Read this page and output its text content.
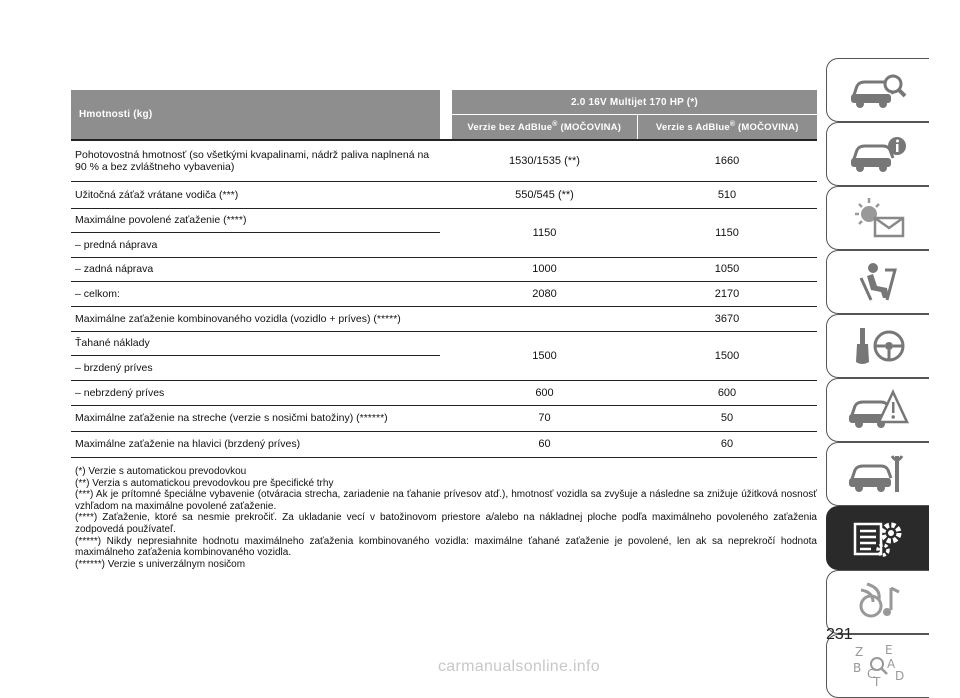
Hmotnosti (kg)		2.0 16V Multijet 170 HP (*)	
		Verzie bez AdBlue® (MOČOVINA)	Verzie s AdBlue® (MOČOVINA)
Pohotovostná hmotnosť (so všetkými kvapalinami, nádrž paliva naplnená na 90 % a bez zvláštneho vybavenia)		1530/1535 (**)	1660
Užitočná záťaž vrátane vodiča (***)		550/545 (**)	510
Maximálne povolené zaťaženie (****)		1150	1150
– predná náprava			
– zadná náprava		1000	1050
– celkom:		2080	2170
Maximálne zaťaženie kombinovaného vozidla (vozidlo + príves) (*****)			3670
Ťahané náklady		1500	1500
– brzdený príves			
– nebrzdený príves		600	600
Maximálne zaťaženie na streche (verzie s nosičmi batožiny) (******)		70	50
Maximálne zaťaženie na hlavici (brzdený príves)		60	60

(*) Verzie s automatickou prevodovkou

(**) Verzia s automatickou prevodovkou pre špecifické trhy

(***) Ak je prítomné špeciálne vybavenie (otváracia strecha, zariadenie na ťahanie prívesov atď.), hmotnosť vozidla sa zvyšuje a následne sa znižuje úžitková nosnosť vzhľadom na maximálne povolené zaťaženie.

(****) Zaťaženie, ktoré sa nesmie prekročiť. Za ukladanie vecí v batožinovom priestore a/alebo na nákladnej ploche podľa maximálneho povoleného zaťaženia zodpovedá používateľ.

(*****) Nikdy nepresiahnite hodnotu maximálneho zaťaženia kombinovaného vozidla: maximálne ťahané zaťaženie je povolené, len ak sa neprekročí hodnota maximálneho zaťaženia kombinovaného vozidla.

(******) Verzie s univerzálnym nosičom

Z E
B A
C D
T
231
carmanualsonline.info
